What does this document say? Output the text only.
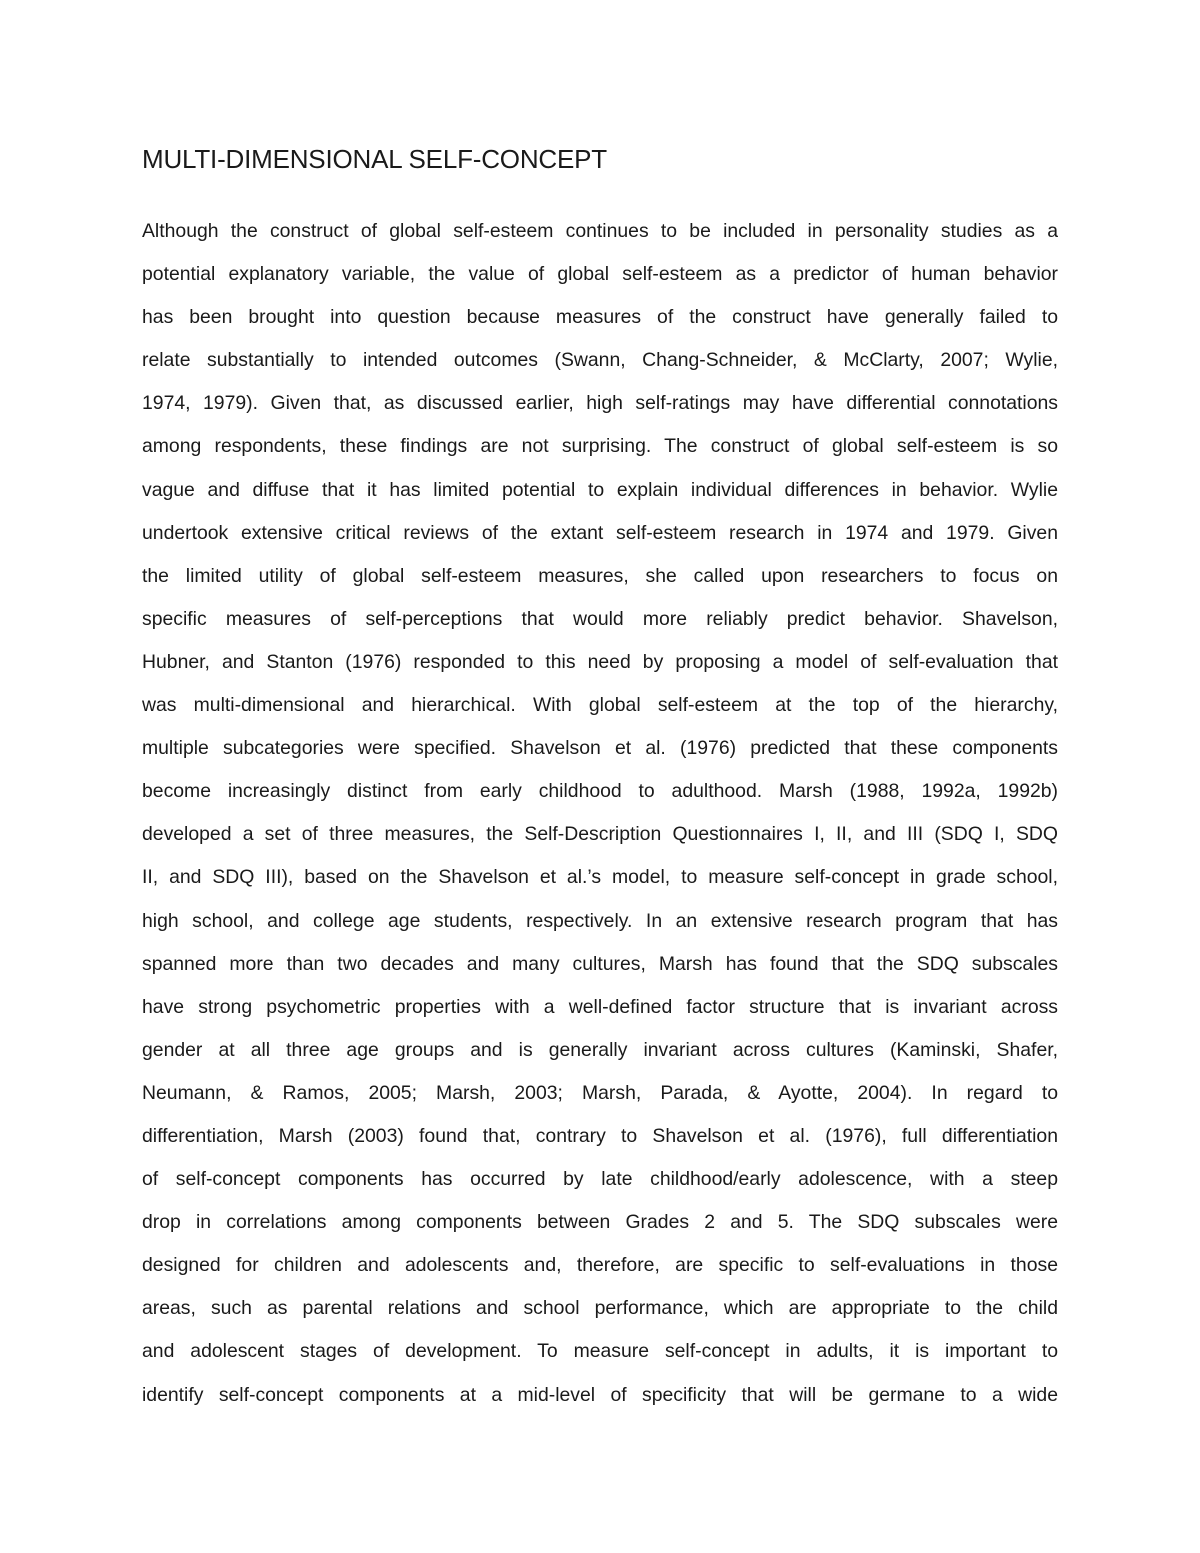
MULTI-DIMENSIONAL SELF-CONCEPT
Although the construct of global self-esteem continues to be included in personality studies as a
potential explanatory variable, the value of global self-esteem as a predictor of human behavior
has been brought into question because measures of the construct have generally failed to
relate substantially to intended outcomes (Swann, Chang-Schneider, & McClarty, 2007; Wylie,
1974, 1979). Given that, as discussed earlier, high self-ratings may have differential connotations
among respondents, these findings are not surprising. The construct of global self-esteem is so
vague and diffuse that it has limited potential to explain individual differences in behavior. Wylie
undertook extensive critical reviews of the extant self-esteem research in 1974 and 1979. Given
the limited utility of global self-esteem measures, she called upon researchers to focus on
specific measures of self-perceptions that would more reliably predict behavior. Shavelson,
Hubner, and Stanton (1976) responded to this need by proposing a model of self-evaluation that
was multi-dimensional and hierarchical. With global self-esteem at the top of the hierarchy,
multiple subcategories were specified. Shavelson et al. (1976) predicted that these components
become increasingly distinct from early childhood to adulthood. Marsh (1988, 1992a, 1992b)
developed a set of three measures, the Self-Description Questionnaires I, II, and III (SDQ I, SDQ
II, and SDQ III), based on the Shavelson et al.’s model, to measure self-concept in grade school,
high school, and college age students, respectively. In an extensive research program that has
spanned more than two decades and many cultures, Marsh has found that the SDQ subscales
have strong psychometric properties with a well-defined factor structure that is invariant across
gender at all three age groups and is generally invariant across cultures (Kaminski, Shafer,
Neumann, & Ramos, 2005; Marsh, 2003; Marsh, Parada, & Ayotte, 2004). In regard to
differentiation, Marsh (2003) found that, contrary to Shavelson et al. (1976), full differentiation
of self-concept components has occurred by late childhood/early adolescence, with a steep
drop in correlations among components between Grades 2 and 5. The SDQ subscales were
designed for children and adolescents and, therefore, are specific to self-evaluations in those
areas, such as parental relations and school performance, which are appropriate to the child
and adolescent stages of development. To measure self-concept in adults, it is important to
identify self-concept components at a mid-level of specificity that will be germane to a wide
